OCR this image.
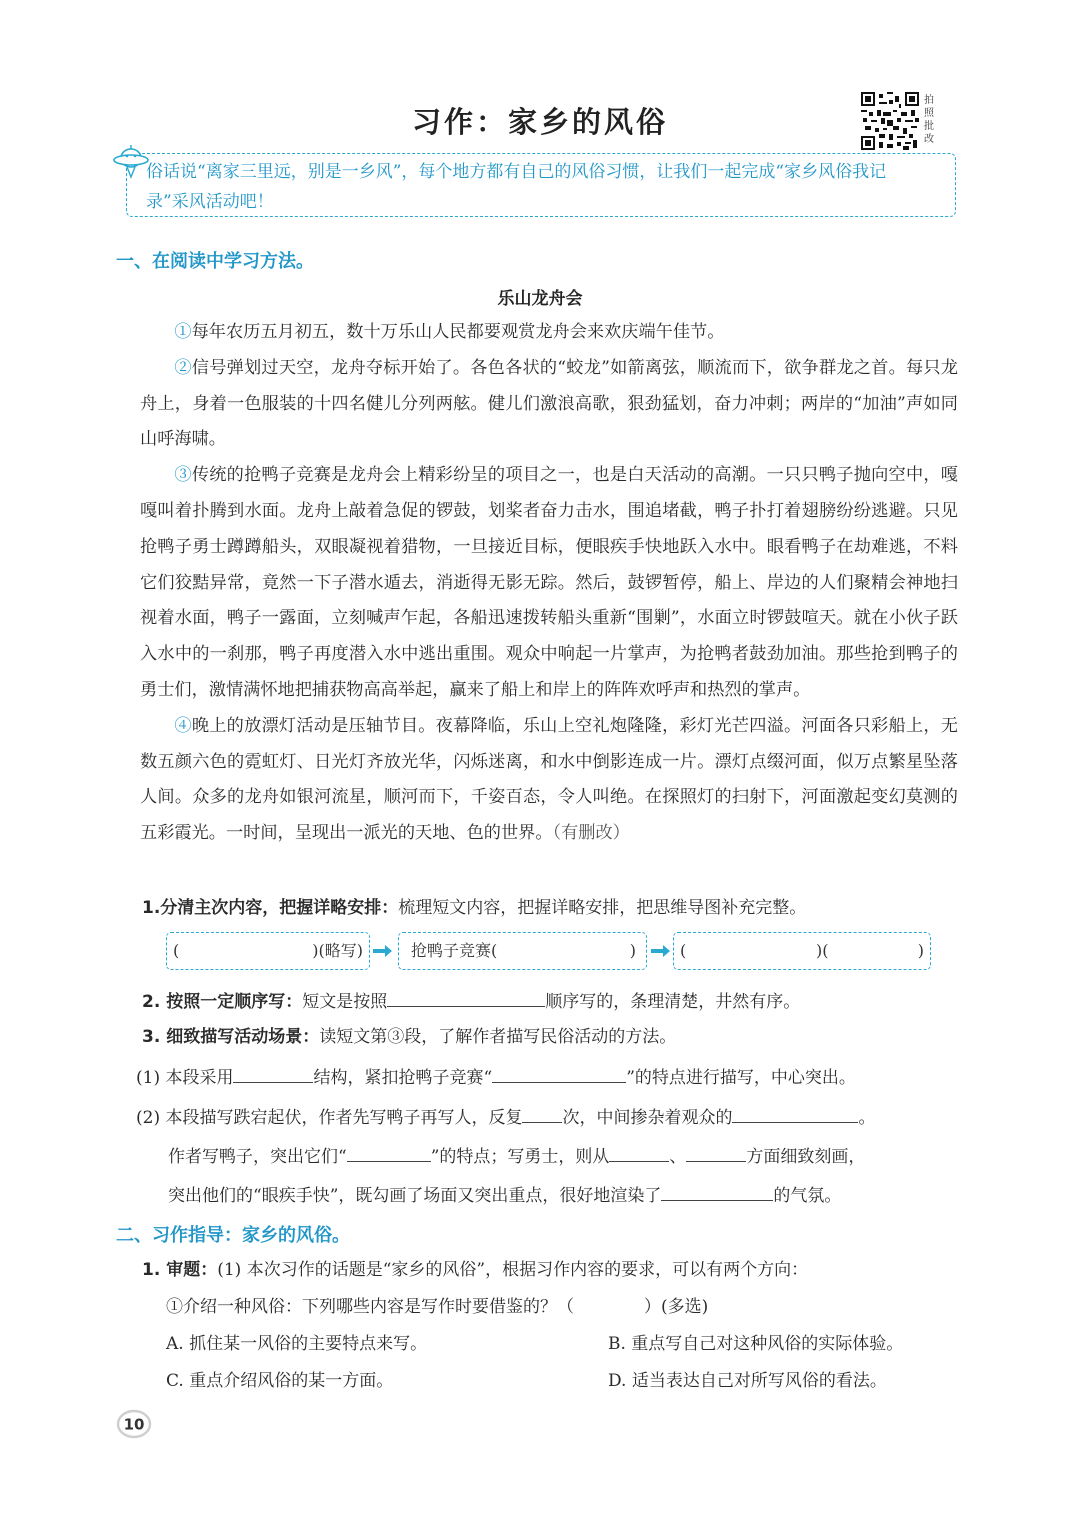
习作：家乡的风俗
拍照批改
俗话说“离家三里远，别是一乡风”，每个地方都有自己的风俗习惯，让我们一起完成“家乡风俗我记
录”采风活动吧！
一、在阅读中学习方法。
乐山龙舟会

①每年农历五月初五，数十万乐山人民都要观赏龙舟会来欢庆端午佳节。

②信号弹划过天空，龙舟夺标开始了。各色各状的“蛟龙”如箭离弦，顺流而下，欲争群龙之首。每只龙舟上，身着一色服装的十四名健儿分列两舷。健儿们激浪高歌，狠劲猛划，奋力冲刺；两岸的“加油”声如同山呼海啸。

③传统的抢鸭子竞赛是龙舟会上精彩纷呈的项目之一，也是白天活动的高潮。一只只鸭子抛向空中，嘎嘎叫着扑腾到水面。龙舟上敲着急促的锣鼓，划桨者奋力击水，围追堵截，鸭子扑打着翅膀纷纷逃避。只见抢鸭子勇士蹲蹲船头，双眼凝视着猎物，一旦接近目标，便眼疾手快地跃入水中。眼看鸭子在劫难逃，不料它们狡黠异常，竟然一下子潜水遁去，消逝得无影无踪。然后，鼓锣暂停，船上、岸边的人们聚精会神地扫视着水面，鸭子一露面，立刻喊声乍起，各船迅速拨转船头重新“围剿”，水面立时锣鼓喧天。就在小伙子跃入水中的一刹那，鸭子再度潜入水中逃出重围。观众中响起一片掌声，为抢鸭者鼓劲加油。那些抢到鸭子的勇士们，激情满怀地把捕获物高高举起，赢来了船上和岸上的阵阵欢呼声和热烈的掌声。

④晚上的放漂灯活动是压轴节目。夜幕降临，乐山上空礼炮隆隆，彩灯光芒四溢。河面各只彩船上，无数五颜六色的霓虹灯、日光灯齐放光华，闪烁迷离，和水中倒影连成一片。漂灯点缀河面，似万点繁星坠落人间。众多的龙舟如银河流星，顺河而下，千姿百态，令人叫绝。在探照灯的扫射下，河面激起变幻莫测的五彩霞光。一时间，呈现出一派光的天地、色的世界。（有删改）

1.分清主次内容，把握详略安排：梳理短文内容，把握详略安排，把思维导图补充完整。
(	)(略写)	抢鸭子竞赛(	)	(	)(	)
2. 按照一定顺序写：短文是按照	顺序写的，条理清楚，井然有序。
3. 细致描写活动场景：读短文第③段，了解作者描写民俗活动的方法。
(1) 本段采用	结构，紧扣抢鸭子竞赛“	”的特点进行描写，中心突出。
(2) 本段描写跌宕起伏，作者先写鸭子再写人，反复 次，中间掺杂着观众的	。
作者写鸭子，突出它们“	”的特点；写勇士，则从	、	方面细致刻画，
突出他们的“眼疾手快”，既勾画了场面又突出重点，很好地渲染了	的气氛。
二、习作指导：家乡的风俗。
1. 审题：(1) 本次习作的话题是“家乡的风俗”，根据习作内容的要求，可以有两个方向：
①介绍一种风俗：下列哪些内容是写作时要借鉴的？（	）(多选)
A. 抓住某一风俗的主要特点来写。	B. 重点写自己对这种风俗的实际体验。
C. 重点介绍风俗的某一方面。	D. 适当表达自己对所写风俗的看法。
10
